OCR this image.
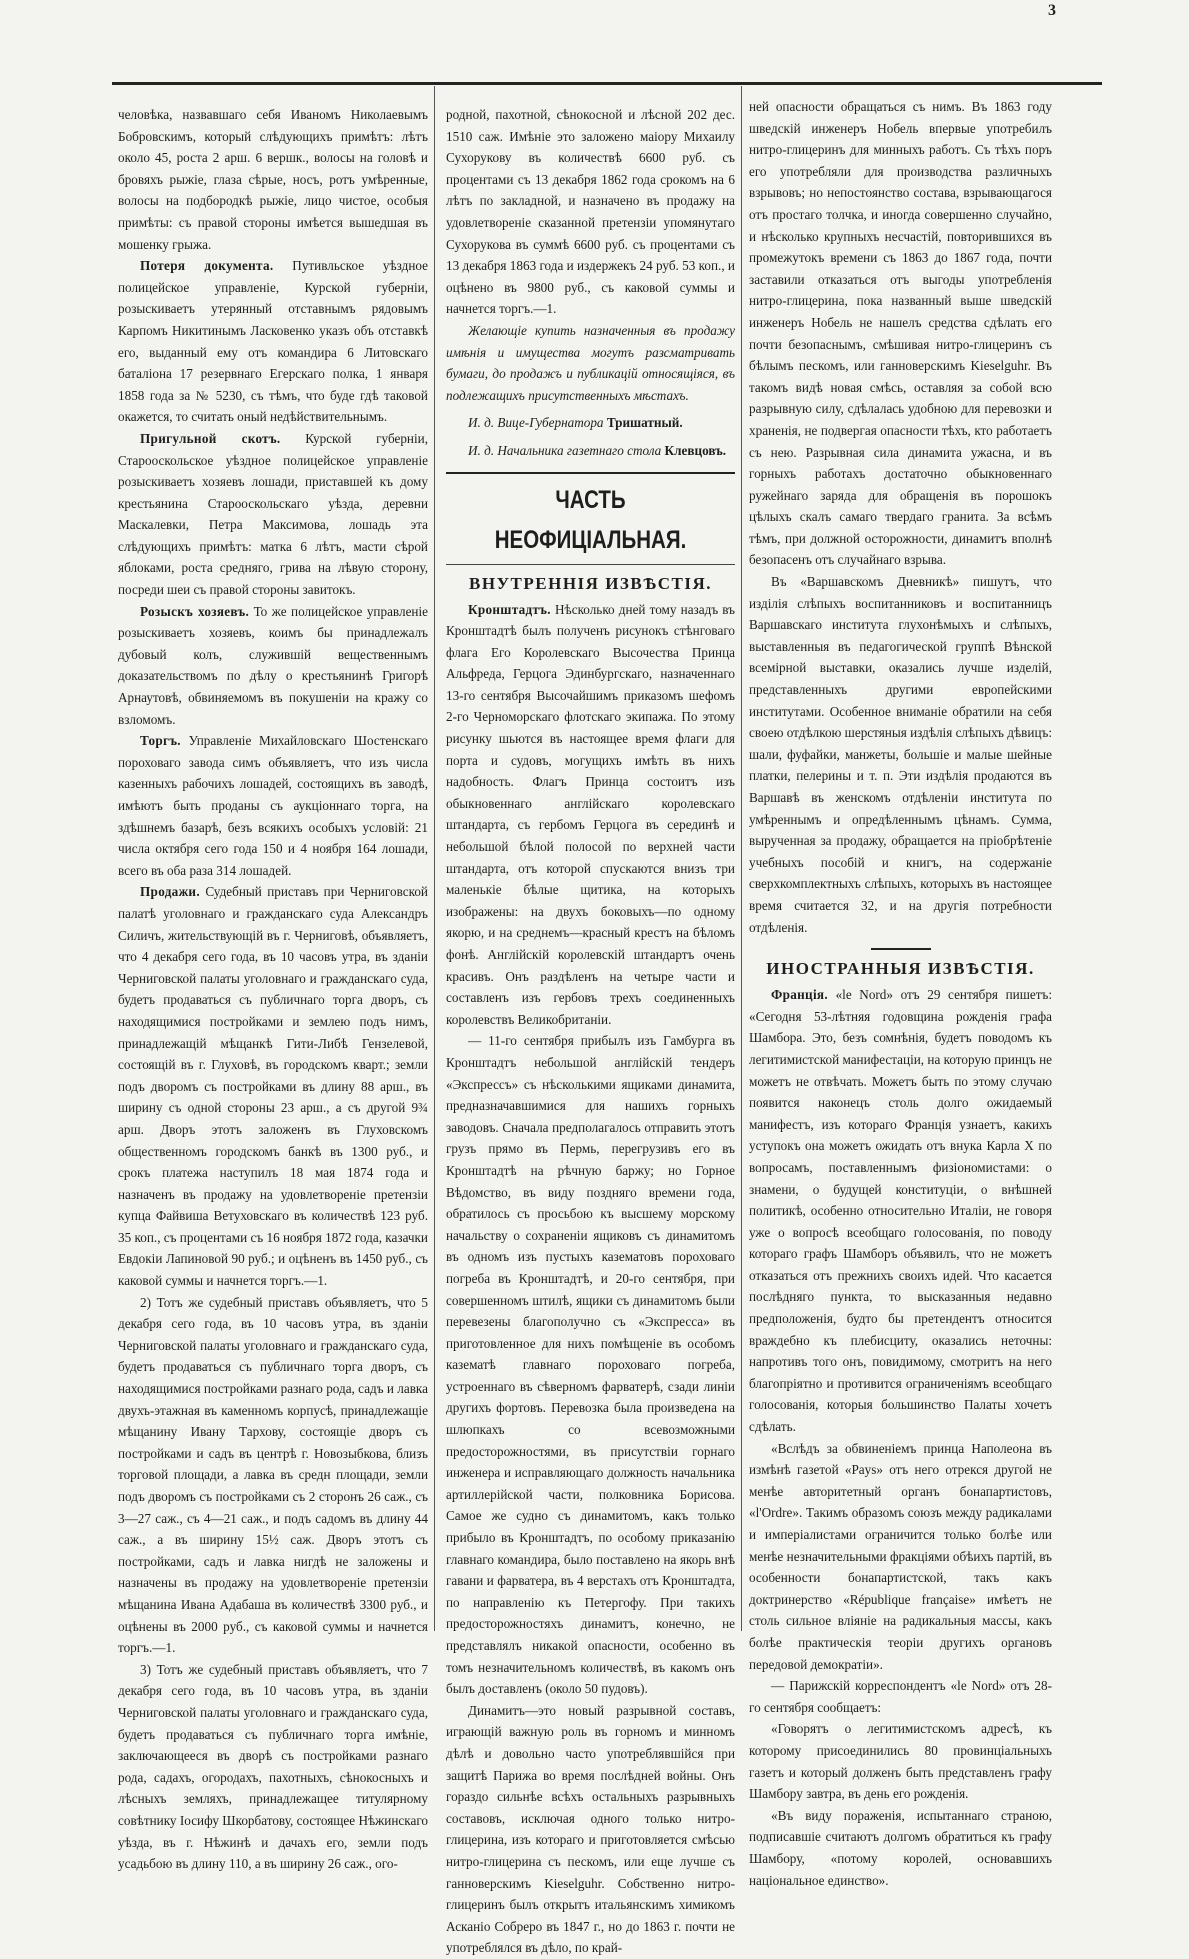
3

человѣка, назвавшаго себя Иваномъ Николаевымъ Бобровскимъ, который слѣдующихъ примѣтъ: лѣтъ около 45, роста 2 арш. 6 вершк., волосы на головѣ и бровяхъ рыжіе, глаза сѣрые, носъ, ротъ умѣренные, волосы на подбородкѣ рыжіе, лицо чистое, особыя примѣты: съ правой стороны имѣется вышедшая въ мошенку грыжа.

Потеря документа. Путивльское уѣздное полицейское управленіе, Курской губерніи, розыскиваетъ утерянный отставнымъ рядовымъ Карпомъ Никитинымъ Ласковенко указъ объ отставкѣ его, выданный ему отъ командира 6 Литовскаго баталіона 17 резервнаго Егерскаго полка, 1 января 1858 года за № 5230, съ тѣмъ, что буде гдѣ таковой окажется, то считать оный недѣйствительнымъ.

Пригульной скотъ. Курской губерніи, Старооскольское уѣздное полицейское управленіе розыскиваетъ хозяевъ лошади, приставшей къ дому крестьянина Старооскольскаго уѣзда, деревни Маскалевки, Петра Максимова, лошадь эта слѣдующихъ примѣтъ: матка 6 лѣтъ, масти сѣрой яблоками, роста средняго, грива на лѣвую сторону, посреди шеи съ правой стороны завитокъ.

Розыскъ хозяевъ. То же полицейское управленіе розыскиваетъ хозяевъ, коимъ бы принадлежалъ дубовый колъ, служившій вещественнымъ доказательствомъ по дѣлу о крестьянинѣ Григорѣ Арнаутовѣ, обвиняемомъ въ покушеніи на кражу со взломомъ.

Торгъ. Управленіе Михайловскаго Шостенскаго пороховаго завода симъ объявляетъ, что изъ числа казенныхъ рабочихъ лошадей, состоящихъ въ заводѣ, имѣютъ быть проданы съ аукціоннаго торга, на здѣшнемъ базарѣ, безъ всякихъ особыхъ условій: 21 числа октября сего года 150 и 4 ноября 164 лошади, всего въ оба раза 314 лошадей.

Продажи. Судебный приставъ при Черниговской палатѣ уголовнаго и гражданскаго суда Александръ Силичъ, жительствующій въ г. Черниговѣ, объявляетъ, что 4 декабря сего года, въ 10 часовъ утра, въ зданіи Черниговской палаты уголовнаго и гражданскаго суда, будетъ продаваться съ публичнаго торга дворъ, съ находящимися постройками и землею подъ нимъ, принадлежащій мѣщанкѣ Гити-Либѣ Гензелевой, состоящій въ г. Глуховѣ, въ городскомъ кварт.; земли подъ дворомъ съ постройками въ длину 88 арш., въ ширину съ одной стороны 23 арш., а съ другой 9¾ арш. Дворъ этотъ заложенъ въ Глуховскомъ общественномъ городскомъ банкѣ въ 1300 руб., и срокъ платежа наступилъ 18 мая 1874 года и назначенъ въ продажу на удовлетвореніе претензіи купца Файвиша Ветуховскаго въ количествѣ 123 руб. 35 коп., съ процентами съ 16 ноября 1872 года, казачки Евдокіи Лапиновой 90 руб.; и оцѣненъ въ 1450 руб., съ каковой суммы и начнется торгъ.—1.

2) Тотъ же судебный приставъ объявляетъ, что 5 декабря сего года, въ 10 часовъ утра, въ зданіи Черниговской палаты уголовнаго и гражданскаго суда, будетъ продаваться съ публичнаго торга дворъ, съ находящимися постройками разнаго рода, садъ и лавка двухъ-этажная въ каменномъ корпусѣ, принадлежащіе мѣщанину Ивану Тархову, состоящіе дворъ съ постройками и садъ въ центрѣ г. Новозыбкова, близъ торговой площади, а лавка въ средн площади, земли подъ дворомъ съ постройками съ 2 сторонъ 26 саж., съ 3—27 саж., съ 4—21 саж., и подъ садомъ въ длину 44 саж., а въ ширину 15½ саж. Дворъ этотъ съ постройками, садъ и лавка нигдѣ не заложены и назначены въ продажу на удовлетвореніе претензіи мѣщанина Ивана Адабаша въ количествѣ 3300 руб., и оцѣнены въ 2000 руб., съ каковой суммы и начнется торгъ.—1.

3) Тотъ же судебный приставъ объявляетъ, что 7 декабря сего года, въ 10 часовъ утра, въ зданіи Черниговской палаты уголовнаго и гражданскаго суда, будетъ продаваться съ публичнаго торга имѣніе, заключающееся въ дворѣ съ постройками разнаго рода, садахъ, огородахъ, пахотныхъ, сѣнокосныхъ и лѣсныхъ земляхъ, принадлежащее титулярному совѣтнику Іосифу Шкорбатову, состоящее Нѣжинскаго уѣзда, въ г. Нѣжинѣ и дачахъ его, земли подъ усадьбою въ длину 110, а въ ширину 26 саж., ого-

родной, пахотной, сѣнокосной и лѣсной 202 дес. 1510 саж. Имѣніе это заложено маіору Михаилу Сухорукову въ количествѣ 6600 руб. съ процентами съ 13 декабря 1862 года срокомъ на 6 лѣтъ по закладной, и назначено въ продажу на удовлетвореніе сказанной претензіи упомянутаго Сухорукова въ суммѣ 6600 руб. съ процентами съ 13 декабря 1863 года и издержекъ 24 руб. 53 коп., и оцѣнено въ 9800 руб., съ каковой суммы и начнется торгъ.—1.

Желающіе купить назначенныя въ продажу имѣнія и имущества могутъ разсматривать бумаги, до продажъ и публикацій относящіяся, въ подлежащихъ присутственныхъ мѣстахъ.

И. д. Вице-Губернатора Тришатный.

И. д. Начальника газетнаго стола Клевцовъ.

ЧАСТЬ НЕОФИЦІАЛЬНАЯ.
ВНУТРЕННІЯ ИЗВѢСТІЯ.

Кронштадтъ. Нѣсколько дней тому назадъ въ Кронштадтѣ былъ полученъ рисунокъ стѣнговаго флага Его Королевскаго Высочества Принца Альфреда, Герцога Эдинбургскаго, назначеннаго 13-го сентября Высочайшимъ приказомъ шефомъ 2-го Черноморскаго флотскаго экипажа. По этому рисунку шьются въ настоящее время флаги для порта и судовъ, могущихъ имѣть въ нихъ надобность. Флагъ Принца состоитъ изъ обыкновеннаго англійскаго королевскаго штандарта, съ гербомъ Герцога въ серединѣ и небольшой бѣлой полосой по верхней части штандарта, отъ которой спускаются внизъ три маленькіе бѣлые щитика, на которыхъ изображены: на двухъ боковыхъ—по одному якорю, и на среднемъ—красный крестъ на бѣломъ фонѣ. Англійскій королевскій штандартъ очень красивъ. Онъ раздѣленъ на четыре части и составленъ изъ гербовъ трехъ соединенныхъ королевствъ Великобританіи.

— 11-го сентября прибылъ изъ Гамбурга въ Кронштадтъ небольшой англійскій тендеръ «Экспрессъ» съ нѣсколькими ящиками динамита, предназначавшимися для нашихъ горныхъ заводовъ. Сначала предполагалось отправить этотъ грузъ прямо въ Пермь, перегрузивъ его въ Кронштадтѣ на рѣчную баржу; но Горное Вѣдомство, въ виду поздняго времени года, обратилось съ просьбою къ высшему морскому начальству о сохраненіи ящиковъ съ динамитомъ въ одномъ изъ пустыхъ казематовъ пороховаго погреба въ Кронштадтѣ, и 20-го сентября, при совершенномъ штилѣ, ящики съ динамитомъ были перевезены благополучно съ «Экспресса» въ приготовленное для нихъ помѣщеніе въ особомъ казематѣ главнаго пороховаго погреба, устроеннаго въ сѣверномъ фарватерѣ, сзади линіи другихъ фортовъ. Перевозка была произведена на шлюпкахъ со всевозможными предосторожностями, въ присутствіи горнаго инженера и исправляющаго должность начальника артиллерійской части, полковника Борисова. Самое же судно съ динамитомъ, какъ только прибыло въ Кронштадтъ, по особому приказанію главнаго командира, было поставлено на якорь внѣ гавани и фарватера, въ 4 верстахъ отъ Кронштадта, по направленію къ Петергофу. При такихъ предосторожностяхъ динамитъ, конечно, не представлялъ никакой опасности, особенно въ томъ незначительномъ количествѣ, въ какомъ онъ былъ доставленъ (около 50 пудовъ).

Динамитъ—это новый разрывной составъ, играющій важную роль въ горномъ и минномъ дѣлѣ и довольно часто употреблявшійся при защитѣ Парижа во время послѣдней войны. Онъ гораздо сильнѣе всѣхъ остальныхъ разрывныхъ составовъ, исключая одного только нитро-глицерина, изъ котораго и приготовляется смѣсью нитро-глицерина съ пескомъ, или еще лучше съ ганноверскимъ Kieselguhr. Собственно нитро-глицеринъ былъ открытъ итальянскимъ химикомъ Асканіо Собреро въ 1847 г., но до 1863 г. почти не употреблялся въ дѣло, по край-

ней опасности обращаться съ нимъ. Въ 1863 году шведскій инженеръ Нобель впервые употребилъ нитро-глицеринъ для минныхъ работъ. Съ тѣхъ поръ его употребляли для производства различныхъ взрывовъ; но непостоянство состава, взрывающагося отъ простаго толчка, и иногда совершенно случайно, и нѣсколько крупныхъ несчастій, повторившихся въ промежутокъ времени съ 1863 до 1867 года, почти заставили отказаться отъ выгоды употребленія нитро-глицерина, пока названный выше шведскій инженеръ Нобель не нашелъ средства сдѣлать его почти безопаснымъ, смѣшивая нитро-глицеринъ съ бѣлымъ пескомъ, или ганноверскимъ Kieselguhr. Въ такомъ видѣ новая смѣсь, оставляя за собой всю разрывную силу, сдѣлалась удобною для перевозки и храненія, не подвергая опасности тѣхъ, кто работаетъ съ нею. Разрывная сила динамита ужасна, и въ горныхъ работахъ достаточно обыкновеннаго ружейнаго заряда для обращенія въ порошокъ цѣлыхъ скалъ самаго твердаго гранита. За всѣмъ тѣмъ, при должной осторожности, динамитъ вполнѣ безопасенъ отъ случайнаго взрыва.

Въ «Варшавскомъ Дневникѣ» пишутъ, что изділія слѣпыхъ воспитанниковъ и воспитанницъ Варшавскаго института глухонѣмыхъ и слѣпыхъ, выставленныя въ педагогической группѣ Вѣнской всемірной выставки, оказались лучше изделій, представленныхъ другими европейскими институтами. Особенное вниманіе обратили на себя своею отдѣлкою шерстяныя издѣлія слѣпыхъ дѣвицъ: шали, фуфайки, манжеты, большіе и малые шейные платки, пелерины и т. п. Эти издѣлія продаются въ Варшавѣ въ женскомъ отдѣленіи института по умѣреннымъ и опредѣленнымъ цѣнамъ. Сумма, вырученная за продажу, обращается на пріобрѣтеніе учебныхъ пособій и книгъ, на содержаніе сверхкомплектныхъ слѣпыхъ, которыхъ въ настоящее время считается 32, и на другія потребности отдѣленія.

ИНОСТРАННЫЯ ИЗВѢСТІЯ.

Франція. «le Nord» отъ 29 сентября пишетъ: «Сегодня 53-лѣтняя годовщина рожденія графа Шамбора. Это, безъ сомнѣнія, будетъ поводомъ къ легитимистской манифестаціи, на которую принцъ не можетъ не отвѣчать. Можетъ быть по этому случаю появится наконецъ столь долго ожидаемый манифестъ, изъ котораго Франція узнаетъ, какихъ уступокъ она можетъ ожидать отъ внука Карла X по вопросамъ, поставленнымъ физіономистами: о знамени, о будущей конституціи, о внѣшней политикѣ, особенно относительно Италіи, не говоря уже о вопросѣ всеобщаго голосованія, по поводу котораго графъ Шамборъ объявилъ, что не можетъ отказаться отъ прежнихъ своихъ идей. Что касается послѣдняго пункта, то высказанныя недавно предположенія, будто бы претендентъ относится враждебно къ плебисциту, оказались неточны: напротивъ того онъ, повидимому, смотритъ на него благопріятно и противится ограниченіямъ всеобщаго голосованія, которыя большинство Палаты хочетъ сдѣлать.

«Вслѣдъ за обвиненіемъ принца Наполеона въ измѣнѣ газетой «Pays» отъ него отрекся другой не менѣе авторитетный органъ бонапартистовъ, «l'Ordre». Такимъ образомъ союзъ между радикалами и имперіалистами ограничится только болѣе или менѣе незначительными фракціями обѣихъ партій, въ особенности бонапартистской, такъ какъ доктринерство «République française» имѣетъ не столь сильное вліяніе на радикальныя массы, какъ болѣе практическія теоріи другихъ органовъ передовой демократіи».

— Парижскій корреспондентъ «le Nord» отъ 28-го сентября сообщаетъ:

«Говорятъ о легитимистскомъ адресѣ, къ которому присоединились 80 провинціальныхъ газетъ и который долженъ быть представленъ графу Шамбору завтра, въ день его рожденія.

«Въ виду пораженія, испытаннаго страною, подписавшіе считаютъ долгомъ обратиться къ графу Шамбору, «потому королей, основавшихъ національное единство».
